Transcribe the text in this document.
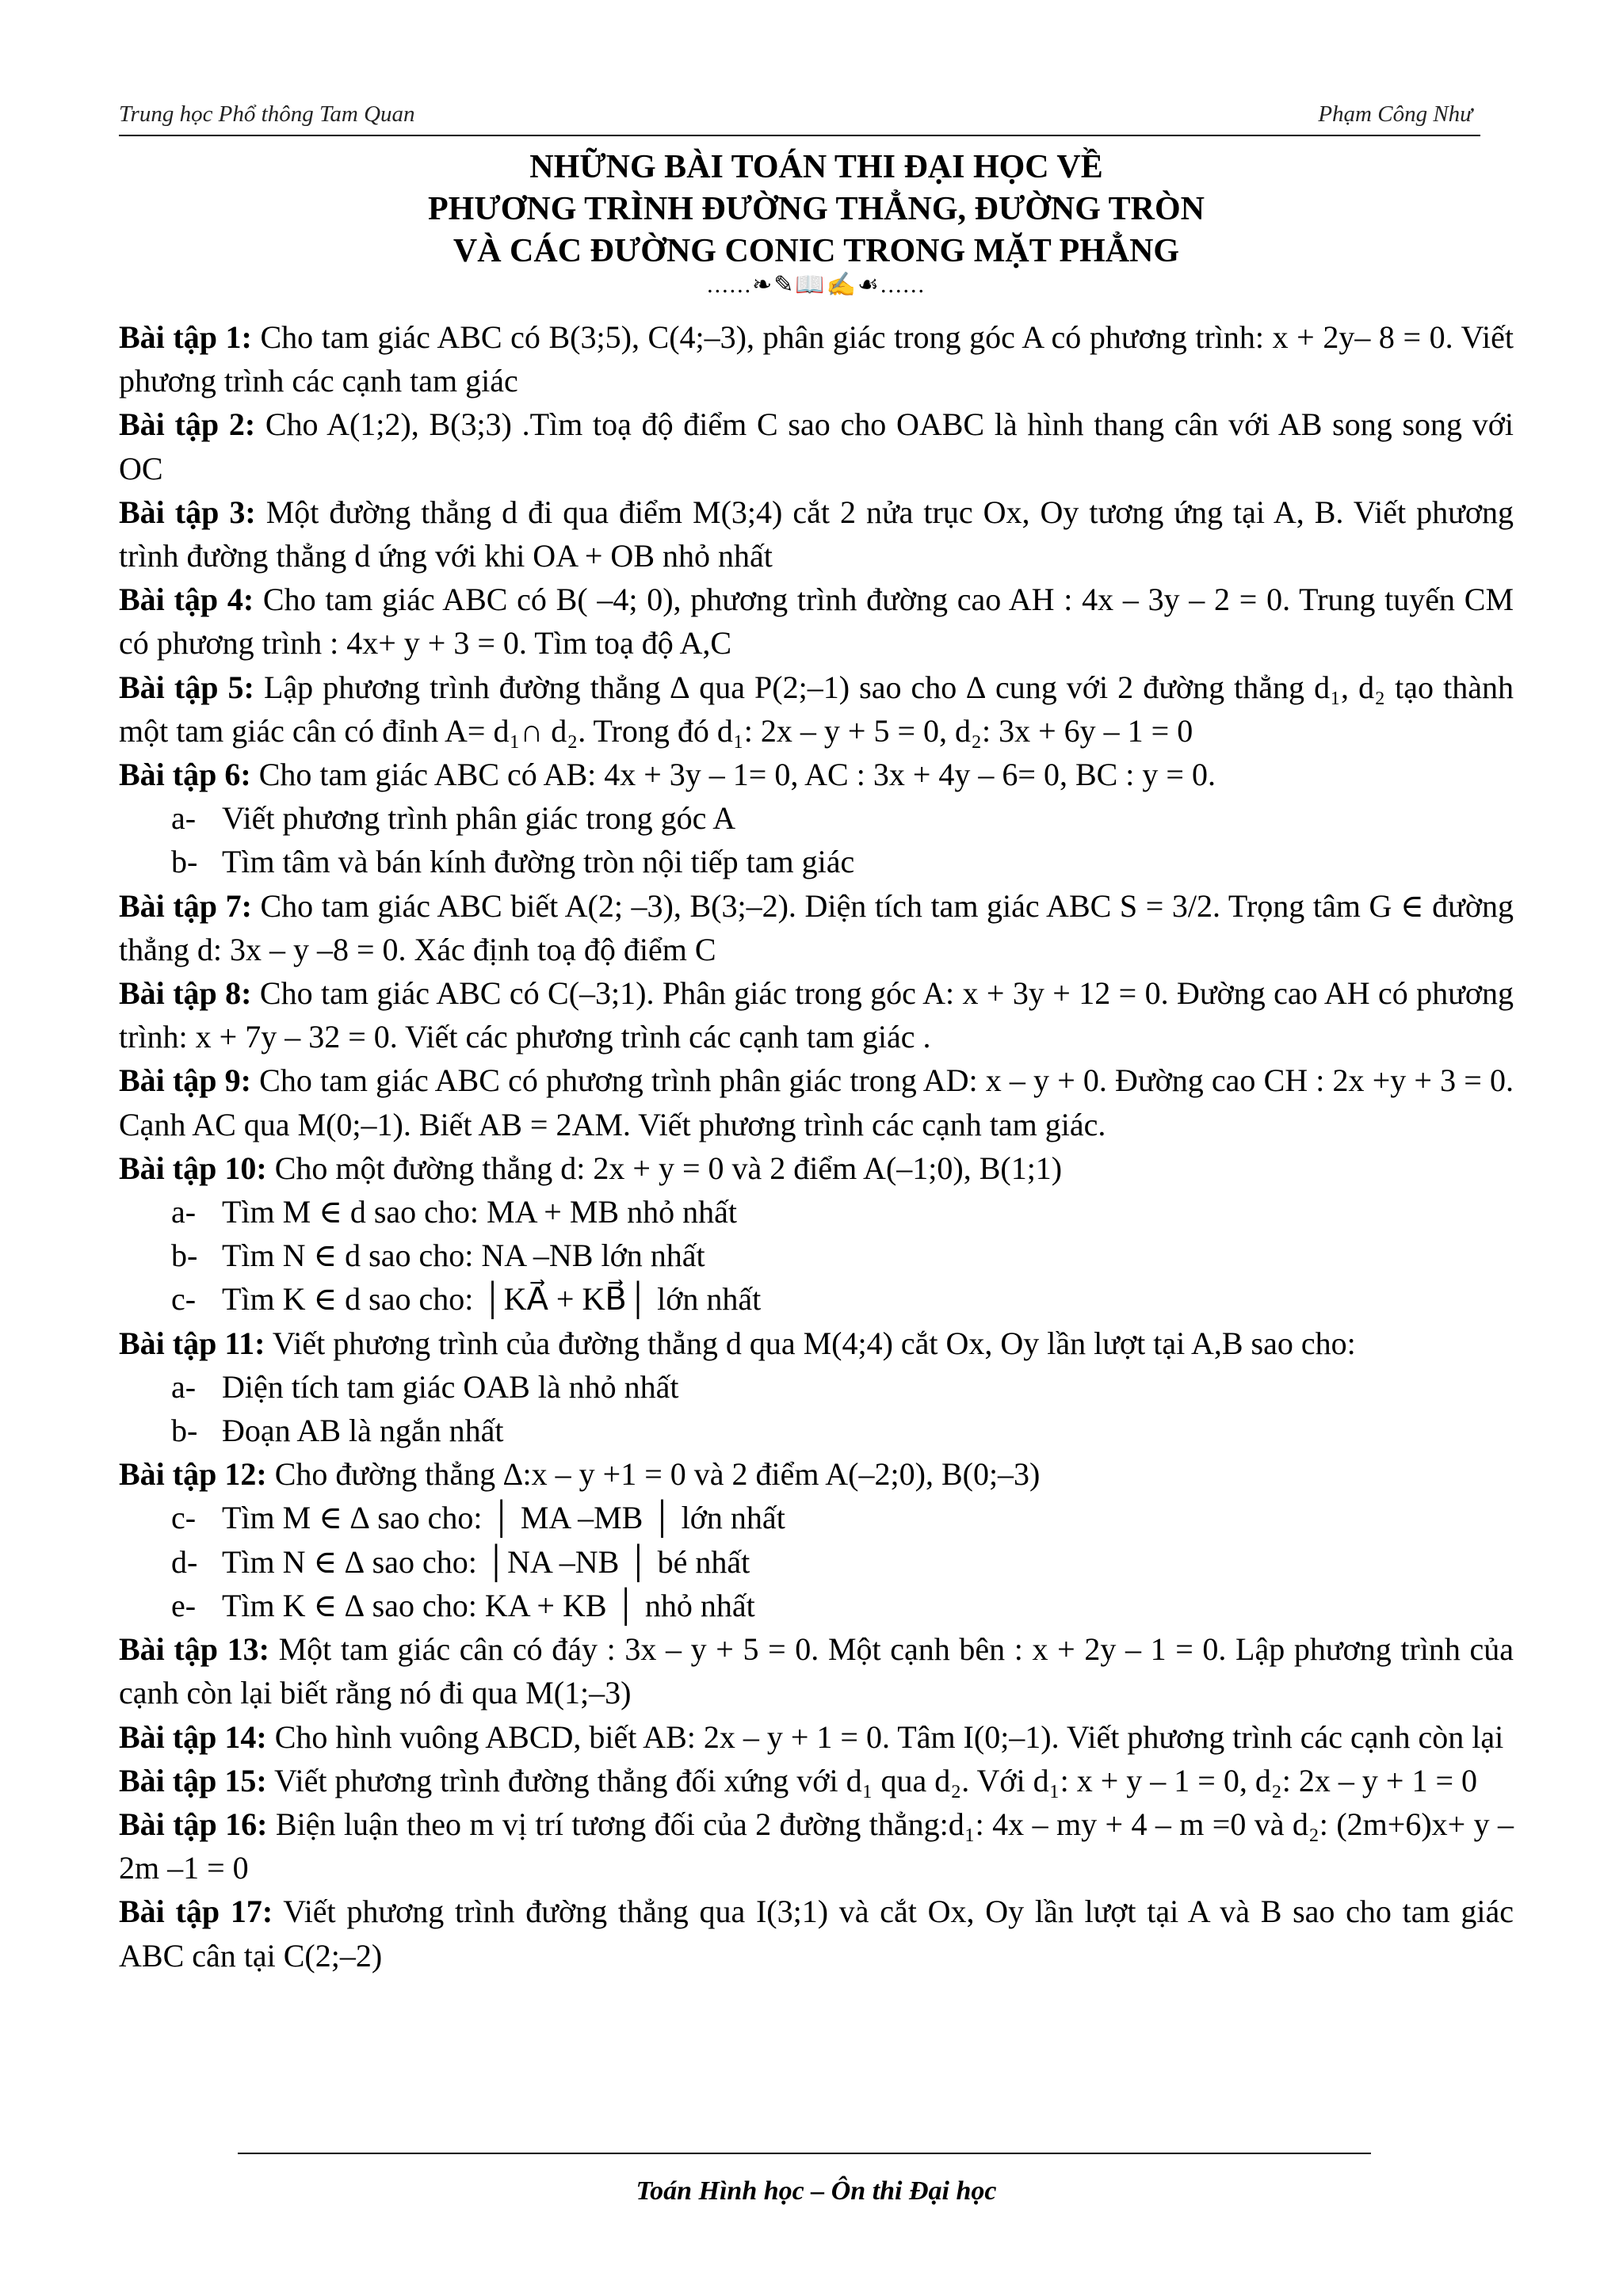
Trung học Phổ thông Tam Quan	Phạm Công Như
NHỮNG BÀI TOÁN THI ĐẠI HỌC VỀ
PHƯƠNG TRÌNH ĐƯỜNG THẲNG, ĐƯỜNG TRÒN
VÀ CÁC ĐƯỜNG CONIC TRONG MẶT PHẲNG
......❧✎📖✍☙......

Bài tập 1: Cho tam giác ABC có B(3;5), C(4;–3), phân giác trong góc A có phương trình: x + 2y– 8 = 0. Viết phương trình các cạnh tam giác

Bài tập 2: Cho A(1;2), B(3;3) .Tìm toạ độ điểm C sao cho OABC là hình thang cân với AB song song với OC

Bài tập 3: Một đường thẳng d đi qua điểm M(3;4) cắt 2 nửa trục Ox, Oy tương ứng tại A, B. Viết phương trình đường thẳng d ứng với khi OA + OB nhỏ nhất

Bài tập 4: Cho tam giác ABC có B( –4; 0), phương trình đường cao AH : 4x – 3y – 2 = 0. Trung tuyến CM có phương trình : 4x+ y + 3 = 0. Tìm toạ độ A,C

Bài tập 5: Lập phương trình đường thẳng ∆ qua P(2;–1) sao cho ∆ cung với 2 đường thẳng d₁, d₂ tạo thành một tam giác cân có đỉnh A= d₁∩ d₂. Trong đó d₁: 2x – y + 5 = 0, d₂: 3x + 6y – 1 = 0

Bài tập 6: Cho tam giác ABC có AB: 4x + 3y – 1= 0, AC : 3x + 4y – 6= 0, BC : y = 0.

a- Viết phương trình phân giác trong góc A

b- Tìm tâm và bán kính đường tròn nội tiếp tam giác

Bài tập 7: Cho tam giác ABC biết A(2; –3), B(3;–2). Diện tích tam giác ABC S = 3/2. Trọng tâm G ∈ đường thẳng d: 3x – y –8 = 0. Xác định toạ độ điểm C

Bài tập 8: Cho tam giác ABC có C(–3;1). Phân giác trong góc A: x + 3y + 12 = 0. Đường cao AH có phương trình: x + 7y – 32 = 0. Viết các phương trình các cạnh tam giác .

Bài tập 9: Cho tam giác ABC có phương trình phân giác trong AD: x – y + 0. Đường cao CH : 2x +y + 3 = 0. Cạnh AC qua M(0;–1). Biết AB = 2AM. Viết phương trình các cạnh tam giác.

Bài tập 10: Cho một đường thẳng d: 2x + y = 0 và 2 điểm A(–1;0), B(1;1)

a- Tìm M ∈ d sao cho: MA + MB nhỏ nhất

b- Tìm N ∈ d sao cho: NA –NB lớn nhất

c- Tìm K ∈ d sao cho: │KA⃗ + KB⃗│ lớn nhất

Bài tập 11: Viết phương trình của đường thẳng d qua M(4;4) cắt Ox, Oy lần lượt tại A,B sao cho:

a- Diện tích tam giác OAB là nhỏ nhất

b- Đoạn AB là ngắn nhất

Bài tập 12: Cho đường thẳng ∆:x – y +1 = 0 và 2 điểm A(–2;0), B(0;–3)

c- Tìm M ∈ ∆ sao cho: │ MA –MB │ lớn nhất

d- Tìm N ∈ ∆ sao cho: │NA –NB │ bé nhất

e- Tìm K ∈ ∆ sao cho: KA + KB │ nhỏ nhất

Bài tập 13: Một tam giác cân có đáy : 3x – y + 5 = 0. Một cạnh bên : x + 2y – 1 = 0. Lập phương trình của cạnh còn lại biết rằng nó đi qua M(1;–3)

Bài tập 14: Cho hình vuông ABCD, biết AB: 2x – y + 1 = 0. Tâm I(0;–1). Viết phương trình các cạnh còn lại

Bài tập 15: Viết phương trình đường thẳng đối xứng với d₁ qua d₂. Với d₁: x + y – 1 = 0, d₂: 2x – y + 1 = 0

Bài tập 16: Biện luận theo m vị trí tương đối của 2 đường thẳng:d₁: 4x – my + 4 – m =0 và d₂: (2m+6)x+ y – 2m –1 = 0

Bài tập 17: Viết phương trình đường thẳng qua I(3;1) và cắt Ox, Oy lần lượt tại A và B sao cho tam giác ABC cân tại C(2;–2)

Toán Hình học – Ôn thi Đại học
